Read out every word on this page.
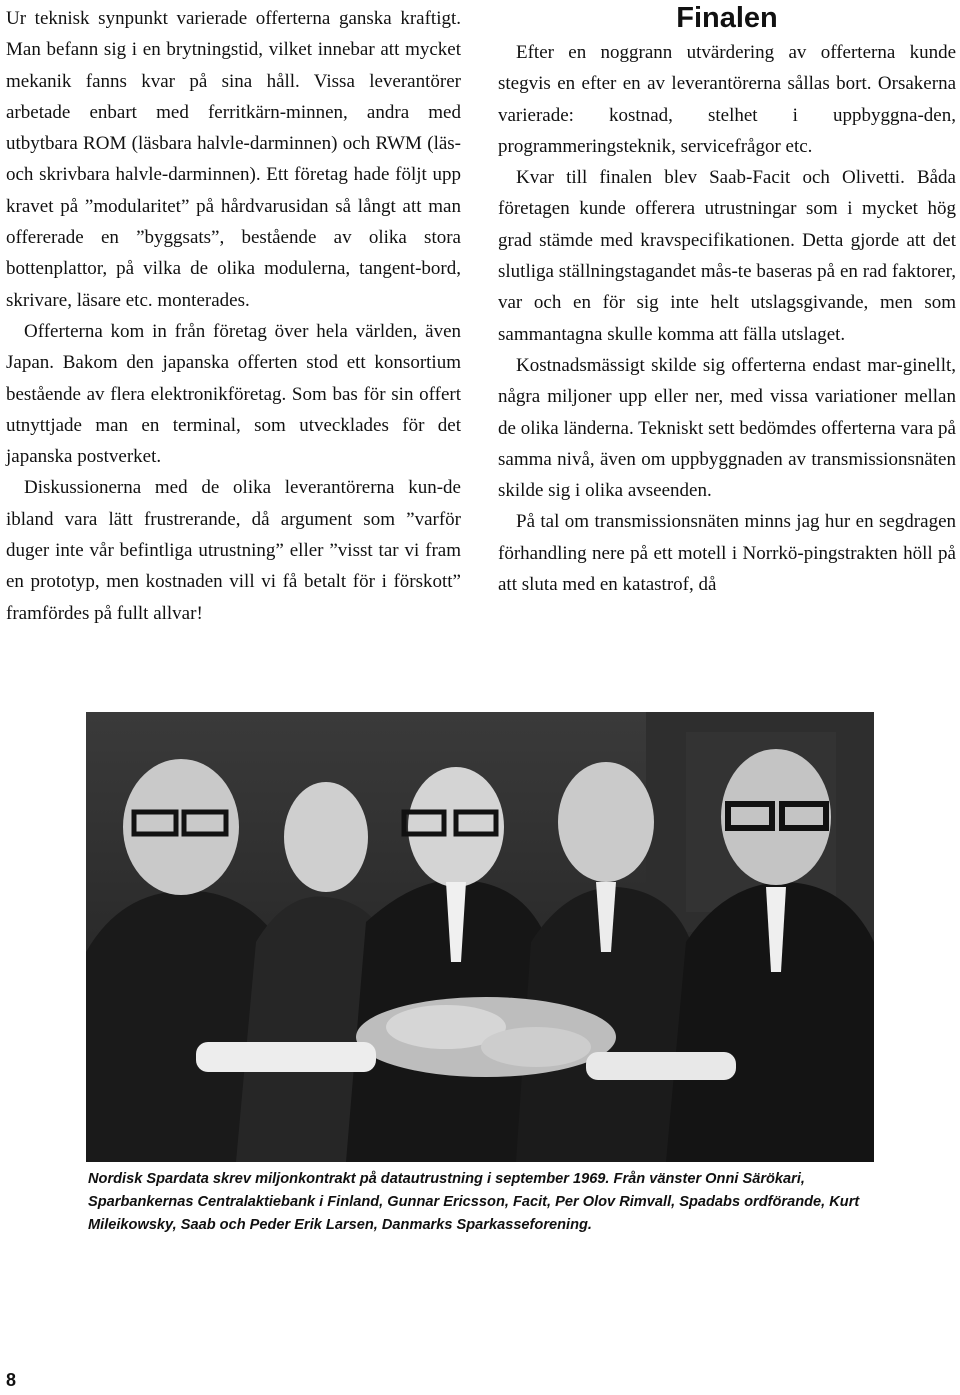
Ur teknisk synpunkt varierade offerterna ganska kraftigt. Man befann sig i en brytningstid, vilket innebar att mycket mekanik fanns kvar på sina håll. Vissa leverantörer arbetade enbart med ferritkärn-minnen, andra med utbytbara ROM (läsbara halvle-darminnen) och RWM (läs- och skrivbara halvle-darminnen). Ett företag hade följt upp kravet på ”modularitet” på hårdvarusidan så långt att man offererade en ”byggsats”, bestående av olika stora bottenplattor, på vilka de olika modulerna, tangent-bord, skrivare, läsare etc. monterades.

Offerterna kom in från företag över hela världen, även Japan. Bakom den japanska offerten stod ett konsortium bestående av flera elektronikföretag. Som bas för sin offert utnyttjade man en terminal, som utvecklades för det japanska postverket.

Diskussionerna med de olika leverantörerna kun-de ibland vara lätt frustrerande, då argument som ”varför duger inte vår befintliga utrustning” eller ”visst tar vi fram en prototyp, men kostnaden vill vi få betalt för i förskott” framfördes på fullt allvar!

Finalen

Efter en noggrann utvärdering av offerterna kunde stegvis en efter en av leverantörerna sållas bort. Orsakerna varierade: kostnad, stelhet i uppbyggna-den, programmeringsteknik, servicefrågor etc.

Kvar till finalen blev Saab-Facit och Olivetti. Båda företagen kunde offerera utrustningar som i mycket hög grad stämde med kravspecifikationen. Detta gjorde att det slutliga ställningstagandet mås-te baseras på en rad faktorer, var och en för sig inte helt utslagsgivande, men som sammantagna skulle komma att fälla utslaget.

Kostnadsmässigt skilde sig offerterna endast mar-ginellt, några miljoner upp eller ner, med vissa variationer mellan de olika länderna. Tekniskt sett bedömdes offerterna vara på samma nivå, även om uppbyggnaden av transmissionsnäten skilde sig i olika avseenden.

På tal om transmissionsnäten minns jag hur en segdragen förhandling nere på ett motell i Norrkö-pingstrakten höll på att sluta med en katastrof, då

Nordisk Spardata skrev miljonkontrakt på datautrustning i september 1969. Från vänster Onni Särökari, Sparbankernas Centralaktiebank i Finland, Gunnar Ericsson, Facit, Per Olov Rimvall, Spadabs ordförande, Kurt Mileikowsky, Saab och Peder Erik Larsen, Danmarks Sparkasseforening.
8
